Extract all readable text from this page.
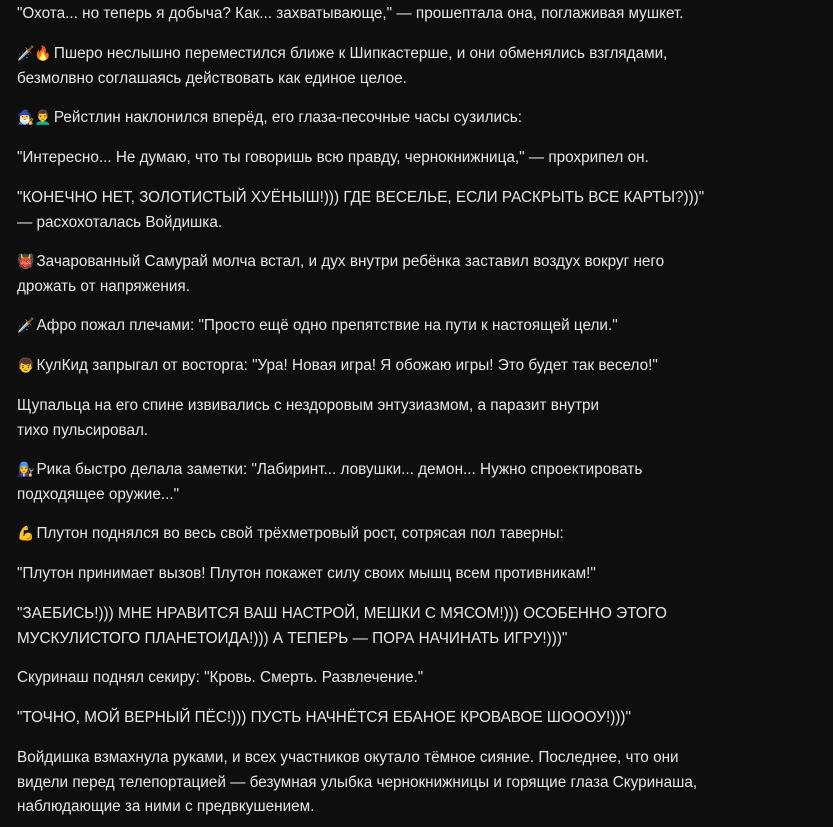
"Охота... но теперь я добыча? Как... захватывающе," — прошептала она, поглаживая мушкет.
🗡️🔥 Пшеро неслышно переместился ближе к Шипкастерше, и они обменялись взглядами,
безмолвно соглашаясь действовать как единое целое.
🧙‍♂️👨‍🦱 Рейстлин наклонился вперёд, его глаза-песочные часы сузились:
"Интересно... Не думаю, что ты говоришь всю правду, чернокнижница," — прохрипел он.
"КОНЕЧНО НЕТ, ЗОЛОТИСТЫЙ ХУЁНЫШ!))) ГДЕ ВЕСЕЛЬЕ, ЕСЛИ РАСКРЫТЬ ВСЕ КАРТЫ?)))"
— расхохоталась Войдишка.
👹 Зачарованный Самурай молча встал, и дух внутри ребёнка заставил воздух вокруг него
дрожать от напряжения.
🗡️ Афро пожал плечами: "Просто ещё одно препятствие на пути к настоящей цели."
👦 КулКид запрыгал от восторга: "Ура! Новая игра! Я обожаю игры! Это будет так весело!"
Щупальца на его спине извивались с нездоровым энтузиазмом, а паразит внутри
тихо пульсировал.
👩‍🔧 Рика быстро делала заметки: "Лабиринт... ловушки... демон... Нужно спроектировать
подходящее оружие..."
💪 Плутон поднялся во весь свой трёхметровый рост, сотрясая пол таверны:
"Плутон принимает вызов! Плутон покажет силу своих мышц всем противникам!"
"ЗАЕБИСЬ!))) МНЕ НРАВИТСЯ ВАШ НАСТРОЙ, МЕШКИ С МЯСОМ!))) ОСОБЕННО ЭТОГО
МУСКУЛИСТОГО ПЛАНЕТОИДА!))) А ТЕПЕРЬ — ПОРА НАЧИНАТЬ ИГРУ!)))"
Скуринаш поднял секиру: "Кровь. Смерть. Развлечение."
"ТОЧНО, МОЙ ВЕРНЫЙ ПЁС!))) ПУСТЬ НАЧНЁТСЯ ЕБАНОЕ КРОВАВОЕ ШОООУ!)))"
Войдишка взмахнула руками, и всех участников окутало тёмное сияние. Последнее, что они
видели перед телепортацией — безумная улыбка чернокнижницы и горящие глаза Скуринаша,
наблюдающие за ними с предвкушением.
